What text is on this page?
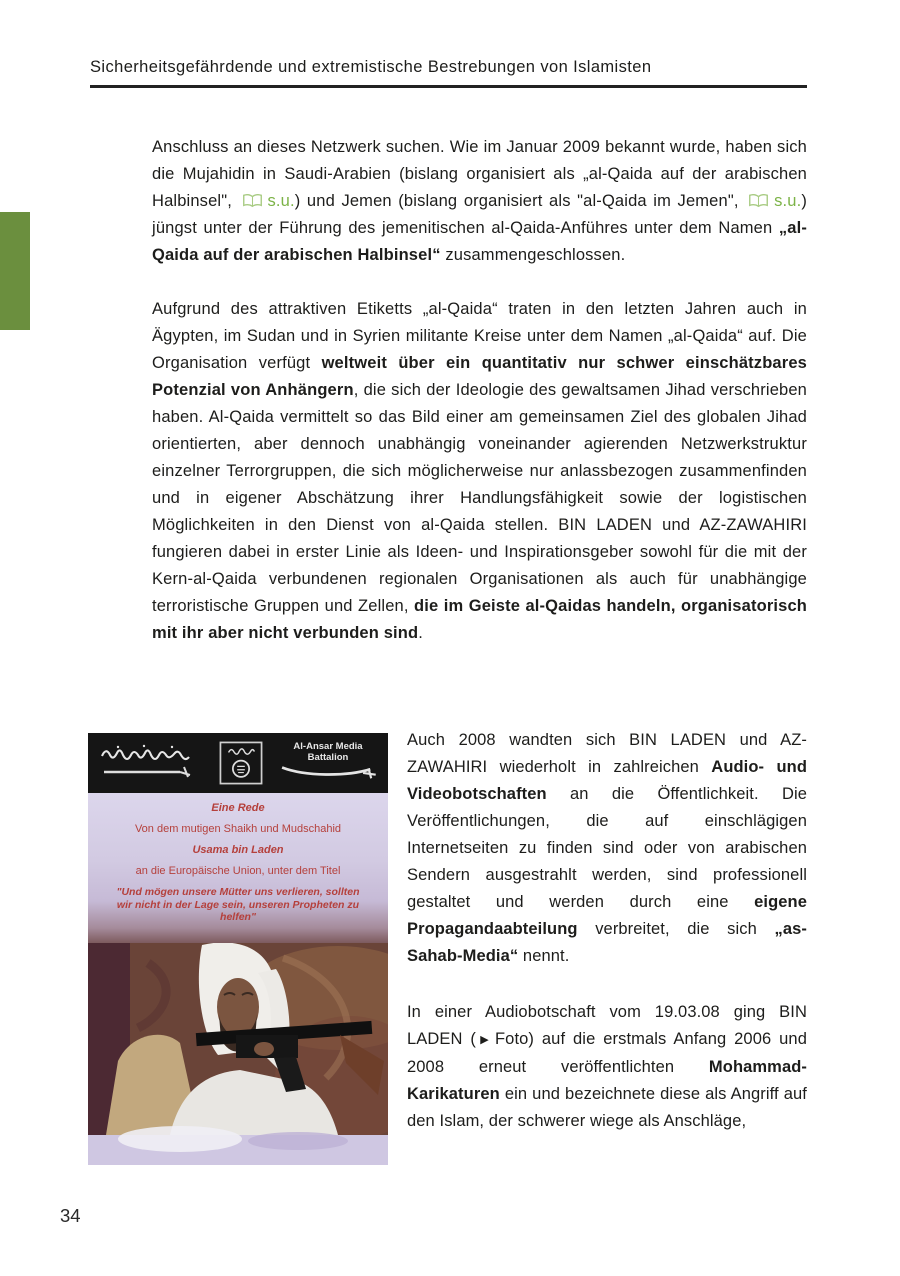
Sicherheitsgefährdende und extremistische Bestrebungen von Islamisten

Anschluss an dieses Netzwerk suchen. Wie im Januar 2009 bekannt wurde, haben sich die Mujahidin in Saudi-Arabien (bislang organisiert als „al-Qaida auf der arabischen Halbinsel", s.u.) und Jemen (bislang organisiert als "al-Qaida im Jemen", s.u.) jüngst unter der Führung des jemenitischen al-Qaida-Anführes unter dem Namen „al-Qaida auf der arabischen Halbinsel“ zusammengeschlossen.

Aufgrund des attraktiven Etiketts „al-Qaida“ traten in den letzten Jahren auch in Ägypten, im Sudan und in Syrien militante Kreise unter dem Namen „al-Qaida“ auf. Die Organisation verfügt weltweit über ein quantitativ nur schwer einschätzbares Potenzial von Anhängern, die sich der Ideologie des gewaltsamen Jihad verschrieben haben. Al-Qaida vermittelt so das Bild einer am gemeinsamen Ziel des globalen Jihad orientierten, aber dennoch unabhängig voneinander agierenden Netzwerkstruktur einzelner Terrorgruppen, die sich möglicherweise nur anlassbezogen zusammenfinden und in eigener Abschätzung ihrer Handlungsfähigkeit sowie der logistischen Möglichkeiten in den Dienst von al-Qaida stellen. BIN LADEN und AZ-ZAWAHIRI fungieren dabei in erster Linie als Ideen- und Inspirationsgeber sowohl für die mit der Kern-al-Qaida verbundenen regionalen Organisationen als auch für unabhängige terroristische Gruppen und Zellen, die im Geiste al-Qaidas handeln, organisatorisch mit ihr aber nicht verbunden sind.

Al-Ansar Media
Battalion
Eine Rede
Von dem mutigen Shaikh und Mudschahid
Usama bin Laden
an die Europäische Union, unter dem Titel
"Und mögen unsere Mütter uns verlieren, sollten wir nicht in der Lage sein, unseren Propheten zu helfen"

Auch 2008 wandten sich BIN LADEN und AZ-ZAWAHIRI wiederholt in zahlreichen Audio- und Videobotschaften an die Öffentlichkeit. Die Veröffentlichungen, die auf einschlägigen Internetseiten zu finden sind oder von arabischen Sendern ausgestrahlt werden, sind professionell gestaltet und werden durch eine eigene Propagandaabteilung verbreitet, die sich „as-Sahab-Media“ nennt.

In einer Audiobotschaft vom 19.03.08 ging BIN LADEN (▶ Foto) auf die erstmals Anfang 2006 und 2008 erneut veröffentlichten Mohammad-Karikaturen ein und bezeichnete diese als Angriff auf den Islam, der schwerer wiege als Anschläge,

34
